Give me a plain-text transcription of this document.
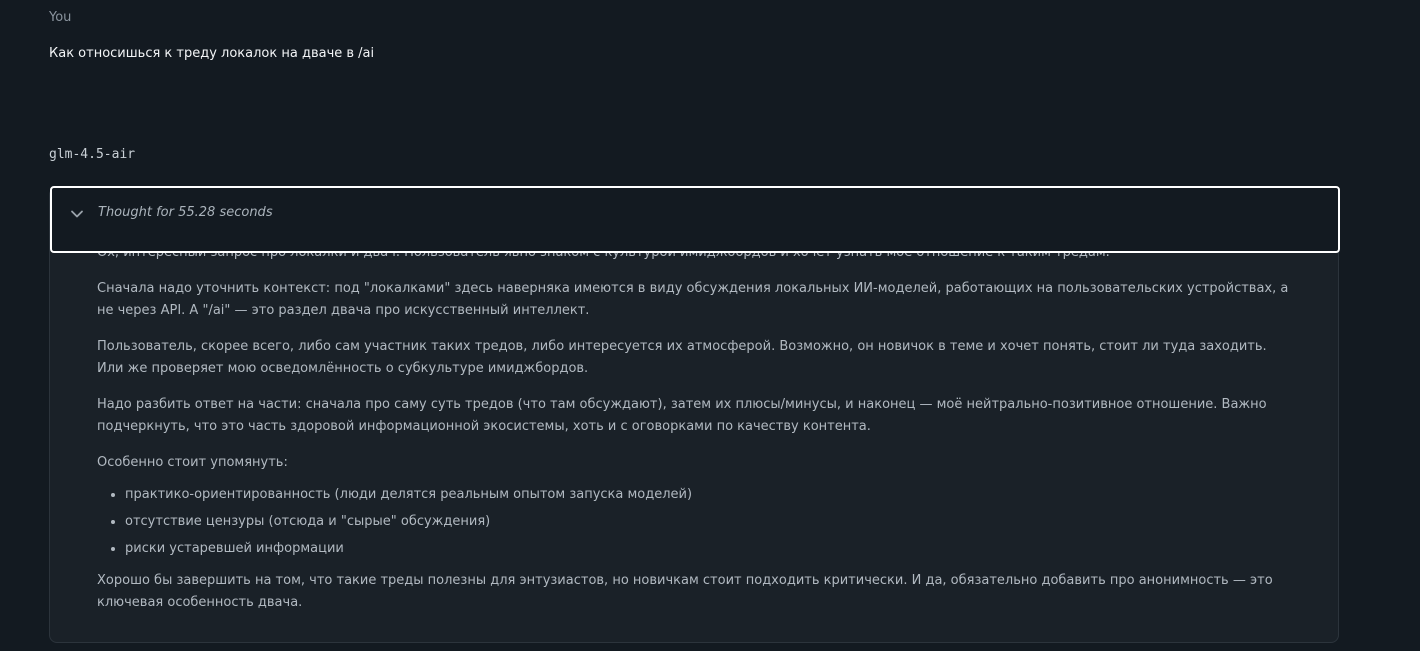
You
Как относишься к треду локалок на дваче в /ai
glm-4.5-air

Сначала надо уточнить контекст: под "локалками" здесь наверняка имеются в виду обсуждения локальных ИИ-моделей, работающих на пользовательских устройствах, а не через API. А "/ai" — это раздел двача про искусственный интеллект.

Пользователь, скорее всего, либо сам участник таких тредов, либо интересуется их атмосферой. Возможно, он новичок в теме и хочет понять, стоит ли туда заходить. Или же проверяет мою осведомлённость о субкультуре имиджбордов.

Надо разбить ответ на части: сначала про саму суть тредов (что там обсуждают), затем их плюсы/минусы, и наконец — моё нейтрально-позитивное отношение. Важно подчеркнуть, что это часть здоровой информационной экосистемы, хоть и с оговорками по качеству контента.

Особенно стоит упомянуть:

• практико-ориентированность (люди делятся реальным опытом запуска моделей)
• отсутствие цензуры (отсюда и "сырые" обсуждения)
• риски устаревшей информации

Хорошо бы завершить на том, что такие треды полезны для энтузиастов, но новичкам стоит подходить критически. И да, обязательно добавить про анонимность — это ключевая особенность двача.

Thought for 55.28 seconds
